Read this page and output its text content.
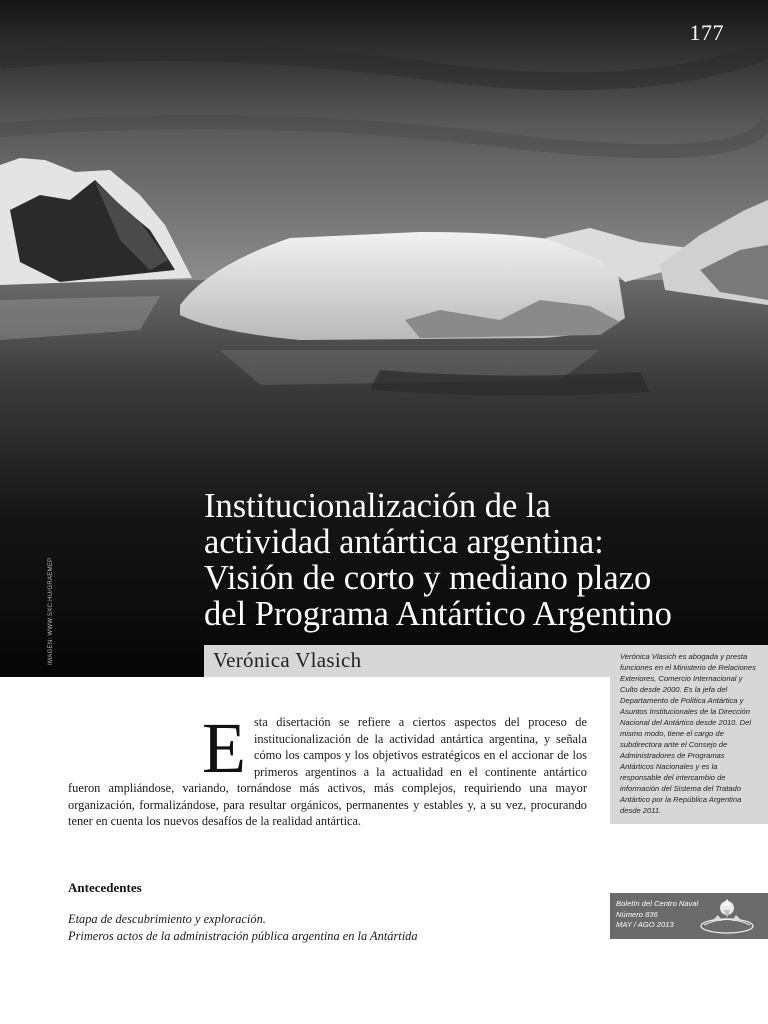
177
IMAGEN: WWW.SXC.HU/GRAEMEP
Institucionalización de la
actividad antártica argentina:
Visión de corto y mediano plazo
del Programa Antártico Argentino
Verónica Vlasich	Verónica Vlasich es abogada y presta funciones en el Ministerio de Relaciones Exteriores, Comercio Internacional y Culto desde 2000. Es la jefa del Departamento de Política Antártica y Asuntos Institucionales de la Dirección Nacional del Antártico desde 2010. Del mismo modo, tiene el cargo de subdirectora ante el Consejo de Administradores de Programas Antárticos Nacionales y es la responsable del intercambio de información del Sistema del Tratado Antártico por la República Argentina desde 2011.

Esta disertación se refiere a ciertos aspectos del proceso de institucionalización de la actividad antártica argentina, y señala cómo los campos y los objetivos estratégicos en el accionar de los primeros argentinos a la actualidad en el continente antártico fueron ampliándose, variando, tornándose más activos, más complejos, requiriendo una mayor organización, formalizándose, para resultar orgánicos, permanentes y estables y, a su vez, procurando tener en cuenta los nuevos desafíos de la realidad antártica.

Antecedentes

Etapa de descubrimiento y exploración.

Primeros actos de la administración pública argentina en la Antártida

Boletín del Centro Naval
Número 836
MAY / AGO 2013
